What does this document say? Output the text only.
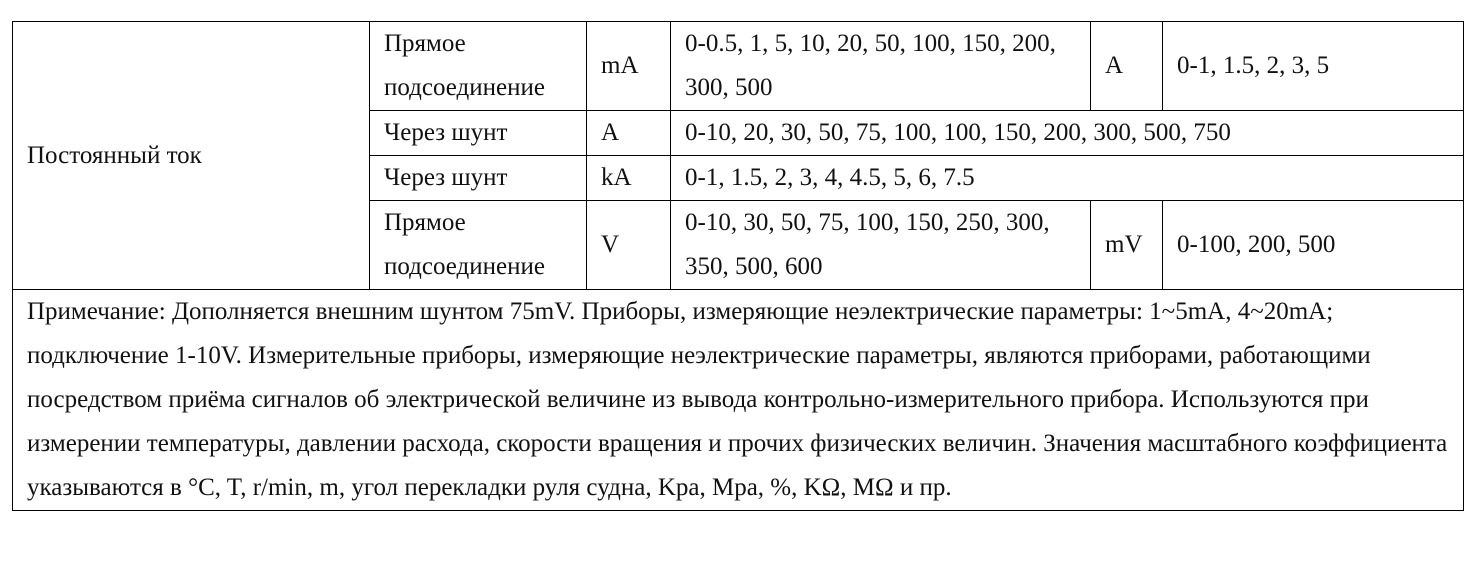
Постоянный ток	Прямое подсоединение	mA	0-0.5, 1, 5, 10, 20, 50, 100, 150, 200, 300, 500	A	0-1, 1.5, 2, 3, 5
	Через шунт	A	0-10, 20, 30, 50, 75, 100, 100, 150, 200, 300, 500, 750		
	Через шунт	kA	0-1, 1.5, 2, 3, 4, 4.5, 5, 6, 7.5		
	Прямое подсоединение	V	0-10, 30, 50, 75, 100, 150, 250, 300, 350, 500, 600	mV	0-100, 200, 500
Примечание: Дополняется внешним шунтом 75mV. Приборы, измеряющие неэлектрические параметры: 1~5mA, 4~20mA; подключение 1-10V. Измерительные приборы, измеряющие неэлектрические параметры, являются приборами, работающими посредством приёма сигналов об электрической величине из вывода контрольно-измерительного прибора. Используются при измерении температуры, давлении расхода, скорости вращения и прочих физических величин. Значения масштабного коэффициента указываются в °C, T, r/min, m, угол перекладки руля судна, Kpa, Mpa, %, KΩ, MΩ и пр.					
